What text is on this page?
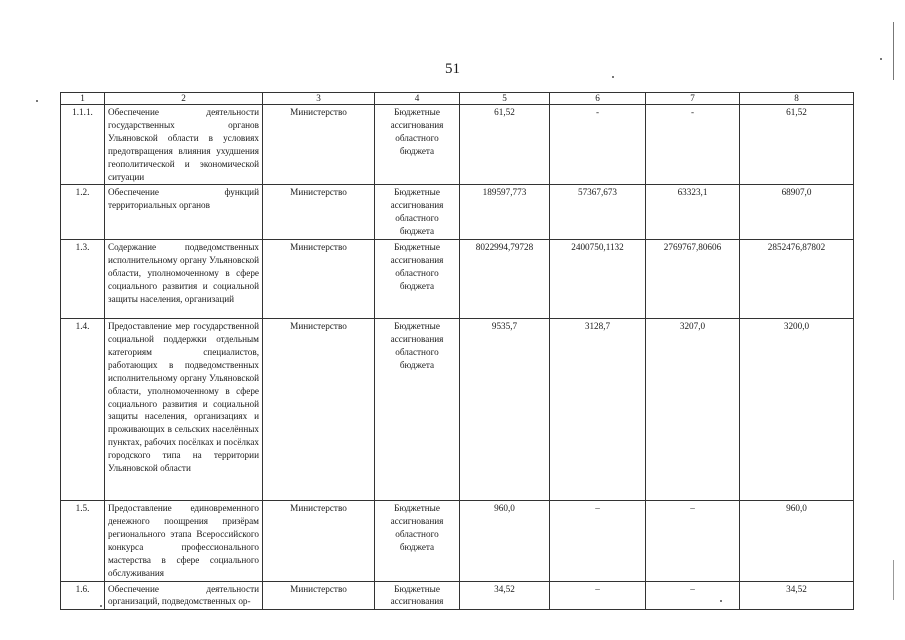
51
1	2	3	4	5	6	7	8
1.1.1.	Обеспечение деятельности государственных органов Ульяновской области в условиях предотвращения влияния ухудшения геополитической и экономической ситуации	Министерство	Бюджетные ассигнования областного бюджета	61,52	-	-	61,52
1.2.	Обеспечение функций территориальных органов	Министерство	Бюджетные ассигнования областного бюджета	189597,773	57367,673	63323,1	68907,0
1.3.	Содержание подведомственных исполнительному органу Ульяновской области, уполномоченному в сфере социального развития и социальной защиты населения, организаций	Министерство	Бюджетные ассигнования областного бюджета	8022994,79728	2400750,1132	2769767,80606	2852476,87802
1.4.	Предоставление мер государственной социальной поддержки отдельным категориям специалистов, работающих в подведомственных исполнительному органу Ульяновской области, уполномоченному в сфере социального развития и социальной защиты населения, организациях и проживающих в сельских населённых пунктах, рабочих посёлках и посёлках городского типа на территории Ульяновской области	Министерство	Бюджетные ассигнования областного бюджета	9535,7	3128,7	3207,0	3200,0
1.5.	Предоставление единовременного денежного поощрения призёрам регионального этапа Всероссийского конкурса профессионального мастерства в сфере социального обслуживания	Министерство	Бюджетные ассигнования областного бюджета	960,0	–	–	960,0
1.6.	Обеспечение деятельности организаций, подведомственных ор-	Министерство	Бюджетные ассигнования	34,52	–	–	34,52
